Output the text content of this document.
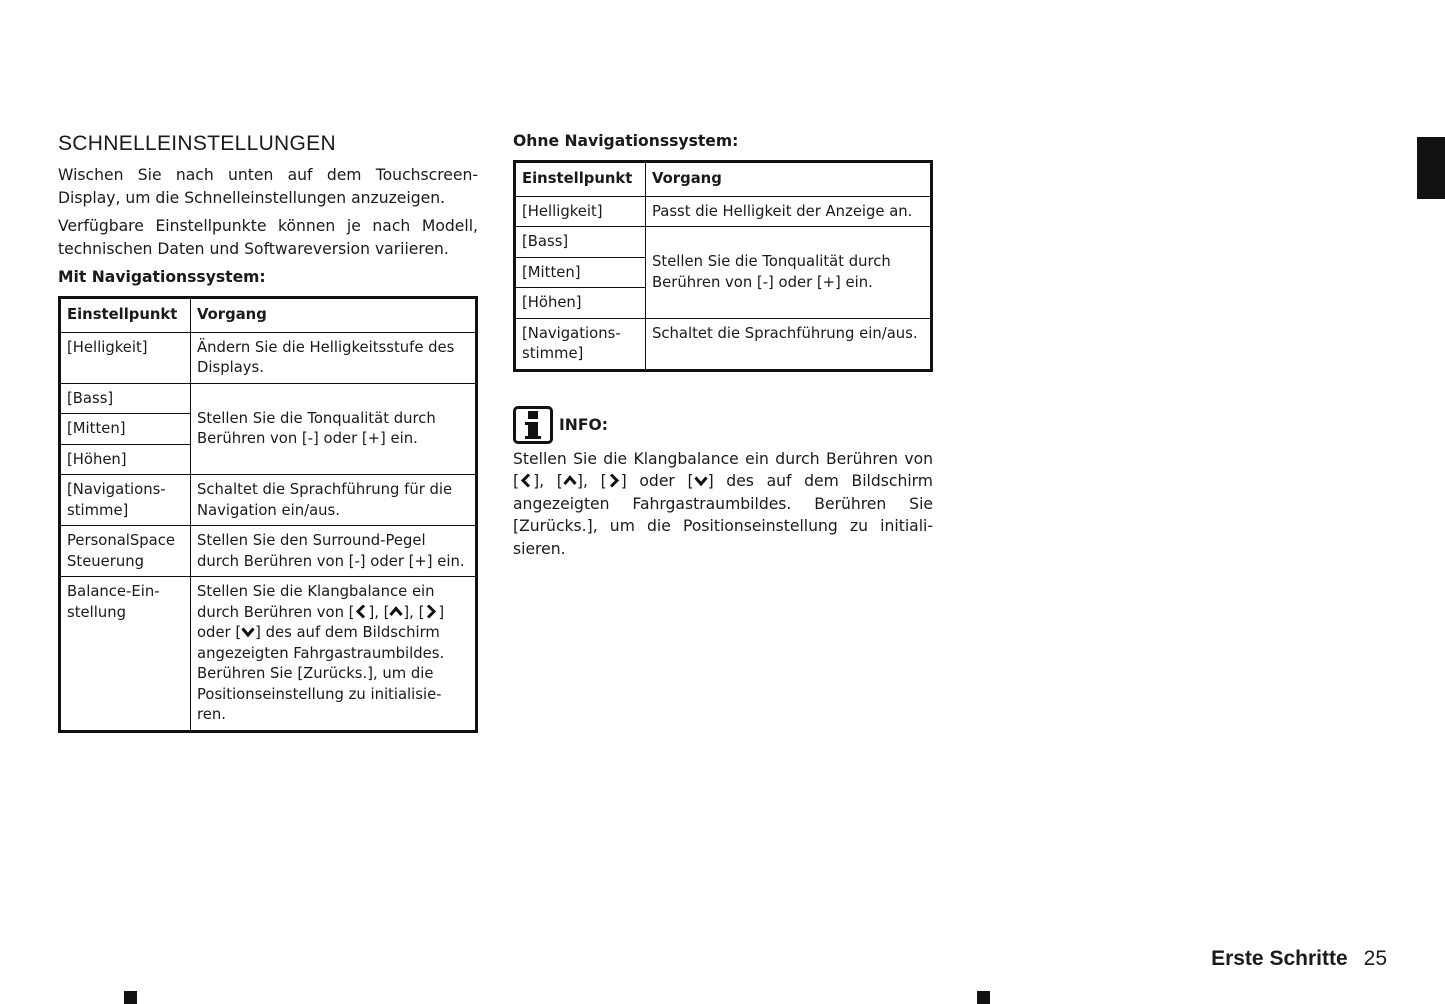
SCHNELLEINSTELLUNGEN

Wischen Sie nach unten auf dem Touchscreen-Display, um die Schnelleinstellungen anzuzeigen.

Verfügbare Einstellpunkte können je nach Modell, technischen Daten und Softwareversion variieren.

Mit Navigationssystem:

Einstellpunkt	Vorgang
[Helligkeit]	Ändern Sie die Helligkeitsstufe des Displays.
[Bass]	Stellen Sie die Tonqualität durch Berühren von [-] oder [+] ein.
[Mitten]	
[Höhen]	
[Navigations-stimme]	Schaltet die Sprachführung für die Navigation ein/aus.
PersonalSpace Steuerung	Stellen Sie den Surround-Pegel durch Berühren von [-] oder [+] ein.
Balance-Ein-stellung	Stellen Sie die Klangbalance ein durch Berühren von [ ], [ ], [ ] oder [ ] des auf dem Bildschirm angezeigten Fahrgastraumbildes. Berühren Sie [Zurücks.], um die Positionseinstellung zu initialisie-ren.

Ohne Navigationssystem:

Einstellpunkt	Vorgang
[Helligkeit]	Passt die Helligkeit der Anzeige an.
[Bass]	Stellen Sie die Tonqualität durch Berühren von [-] oder [+] ein.
[Mitten]	
[Höhen]	
[Navigations-stimme]	Schaltet die Sprachführung ein/aus.
INFO:

Stellen Sie die Klangbalance ein durch Berühren von [ ], [ ], [ ] oder [ ] des auf dem Bildschirm angezeigten Fahrgastraumbildes. Berühren Sie [Zurücks.], um die Positionseinstellung zu initiali-sieren.

Erste Schritte 25
